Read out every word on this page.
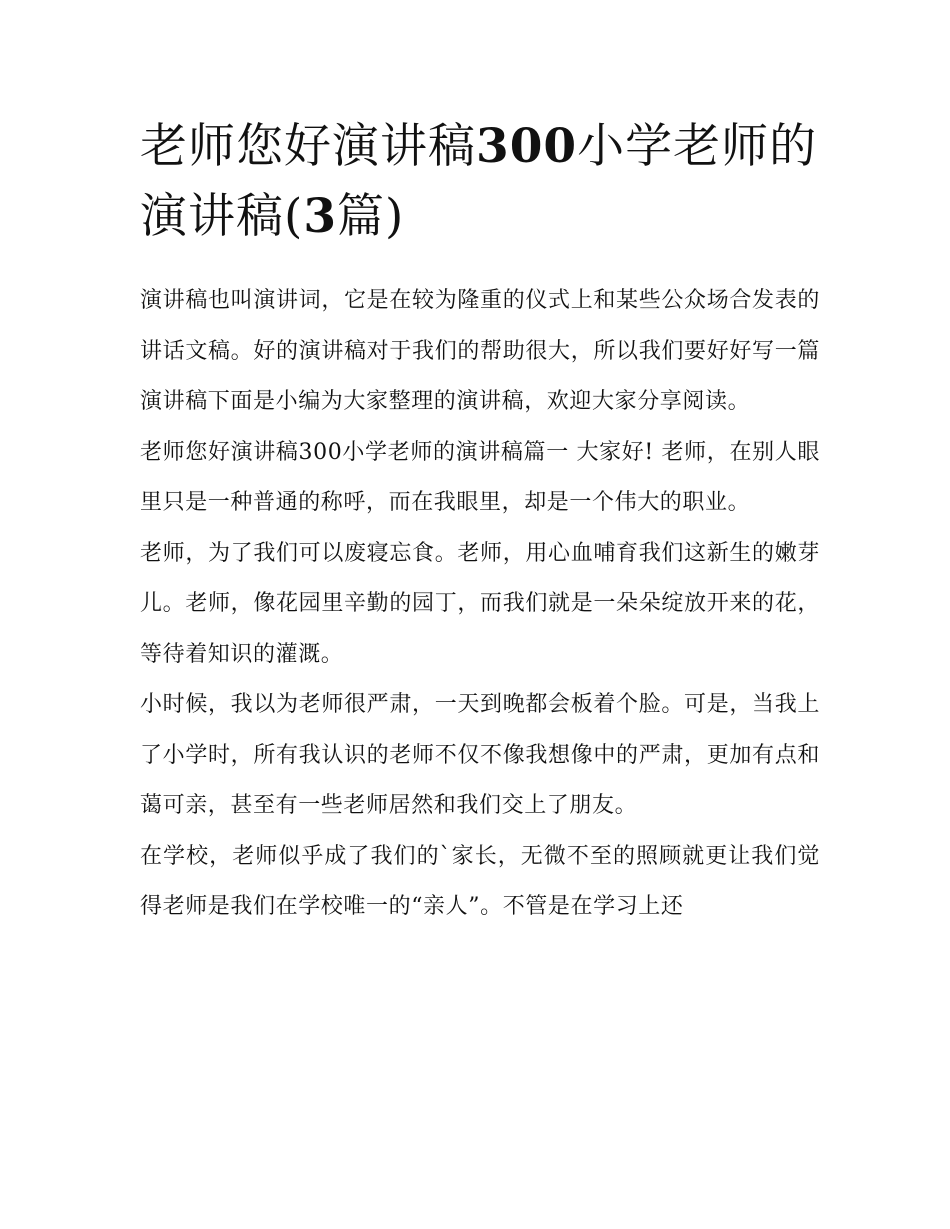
老师您好演讲稿300小学老师的演讲稿(3篇)

演讲稿也叫演讲词，它是在较为隆重的仪式上和某些公众场合发表的讲话文稿。好的演讲稿对于我们的帮助很大，所以我们要好好写一篇演讲稿下面是小编为大家整理的演讲稿，欢迎大家分享阅读。

老师您好演讲稿300小学老师的演讲稿篇一 大家好! 老师，在别人眼里只是一种普通的称呼，而在我眼里，却是一个伟大的职业。

老师，为了我们可以废寝忘食。老师，用心血哺育我们这新生的嫩芽儿。老师，像花园里辛勤的园丁，而我们就是一朵朵绽放开来的花，等待着知识的灌溉。

小时候，我以为老师很严肃，一天到晚都会板着个脸。可是，当我上了小学时，所有我认识的老师不仅不像我想像中的严肃，更加有点和蔼可亲，甚至有一些老师居然和我们交上了朋友。

在学校，老师似乎成了我们的`家长，无微不至的照顾就更让我们觉得老师是我们在学校唯一的“亲人”。不管是在学习上还
